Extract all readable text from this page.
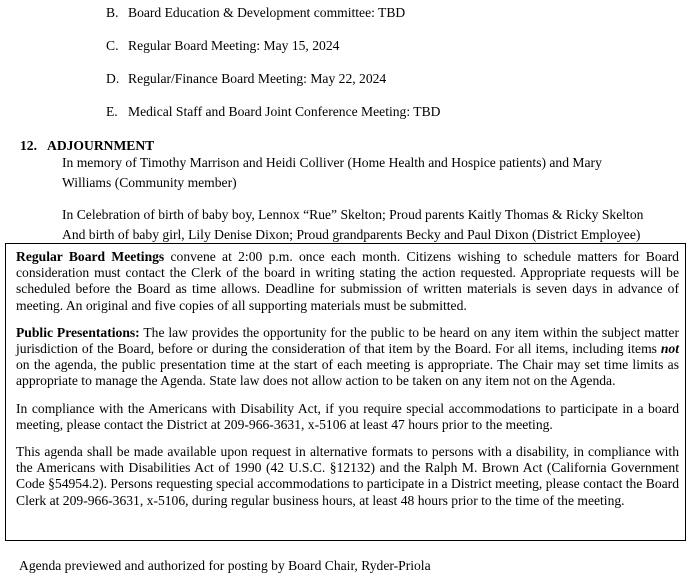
B. Board Education & Development committee: TBD
C. Regular Board Meeting: May 15, 2024
D. Regular/Finance Board Meeting: May 22, 2024
E. Medical Staff and Board Joint Conference Meeting: TBD
12. ADJOURNMENT
In memory of Timothy Marrison and Heidi Colliver (Home Health and Hospice patients) and Mary
Williams (Community member)
In Celebration of birth of baby boy, Lennox “Rue” Skelton; Proud parents Kaitly Thomas & Ricky Skelton
And birth of baby girl, Lily Denise Dixon; Proud grandparents Becky and Paul Dixon (District Employee)

Regular Board Meetings convene at 2:00 p.m. once each month. Citizens wishing to schedule matters for Board consideration must contact the Clerk of the board in writing stating the action requested. Appropriate requests will be scheduled before the Board as time allows. Deadline for submission of written materials is seven days in advance of meeting. An original and five copies of all supporting materials must be submitted.

Public Presentations: The law provides the opportunity for the public to be heard on any item within the subject matter jurisdiction of the Board, before or during the consideration of that item by the Board. For all items, including items not on the agenda, the public presentation time at the start of each meeting is appropriate. The Chair may set time limits as appropriate to manage the Agenda. State law does not allow action to be taken on any item not on the Agenda.

In compliance with the Americans with Disability Act, if you require special accommodations to participate in a board meeting, please contact the District at 209-966-3631, x-5106 at least 47 hours prior to the meeting.

This agenda shall be made available upon request in alternative formats to persons with a disability, in compliance with the Americans with Disabilities Act of 1990 (42 U.S.C. §12132) and the Ralph M. Brown Act (California Government Code §54954.2). Persons requesting special accommodations to participate in a District meeting, please contact the Board Clerk at 209-966-3631, x-5106, during regular business hours, at least 48 hours prior to the time of the meeting.

Agenda previewed and authorized for posting by Board Chair, Ryder-Priola
